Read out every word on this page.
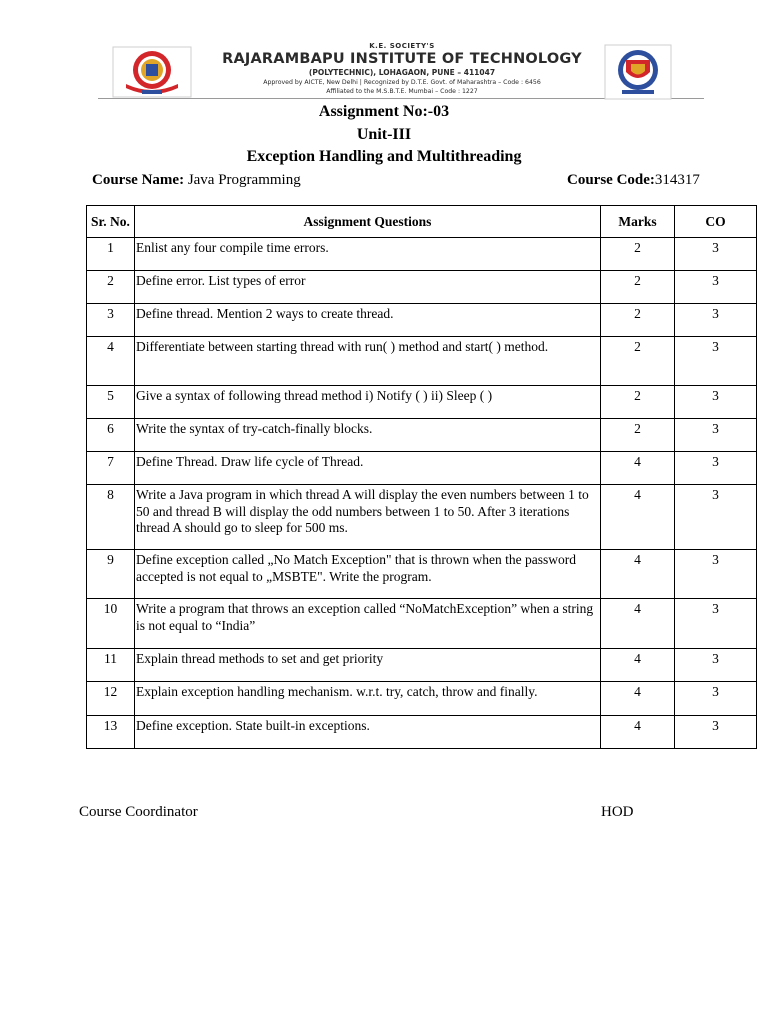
K.E. SOCIETY'S
RAJARAMBAPU INSTITUTE OF TECHNOLOGY
(POLYTECHNIC), LOHAGAON, PUNE – 411047
Approved by AICTE, New Delhi | Recognized by D.T.E. Govt. of Maharashtra – Code : 6456
Affiliated to the M.S.B.T.E. Mumbai – Code : 1227
Assignment No:-03
Unit-III
Exception Handling and Multithreading
Course Name: Java Programming	Course Code:314317
Sr. No.	Assignment Questions	Marks	CO
1	Enlist any four compile time errors.	2	3
2	Define error. List types of error	2	3
3	Define thread. Mention 2 ways to create thread.	2	3
4	Differentiate between starting thread with run( ) method and start( ) method.	2	3
5	Give a syntax of following thread method i) Notify ( ) ii) Sleep ( )	2	3
6	Write the syntax of try-catch-finally blocks.	2	3
7	Define Thread. Draw life cycle of Thread.	4	3
8	Write a Java program in which thread A will display the even numbers between 1 to 50 and thread B will display the odd numbers between 1 to 50. After 3 iterations thread A should go to sleep for 500 ms.	4	3
9	Define exception called „No Match Exception" that is thrown when the password accepted is not equal to „MSBTE". Write the program.	4	3
10	Write a program that throws an exception called “NoMatchException” when a string is not equal to “India”	4	3
11	Explain thread methods to set and get priority	4	3
12	Explain exception handling mechanism. w.r.t. try, catch, throw and finally.	4	3
13	Define exception. State built-in exceptions.	4	3
Course Coordinator	HOD
